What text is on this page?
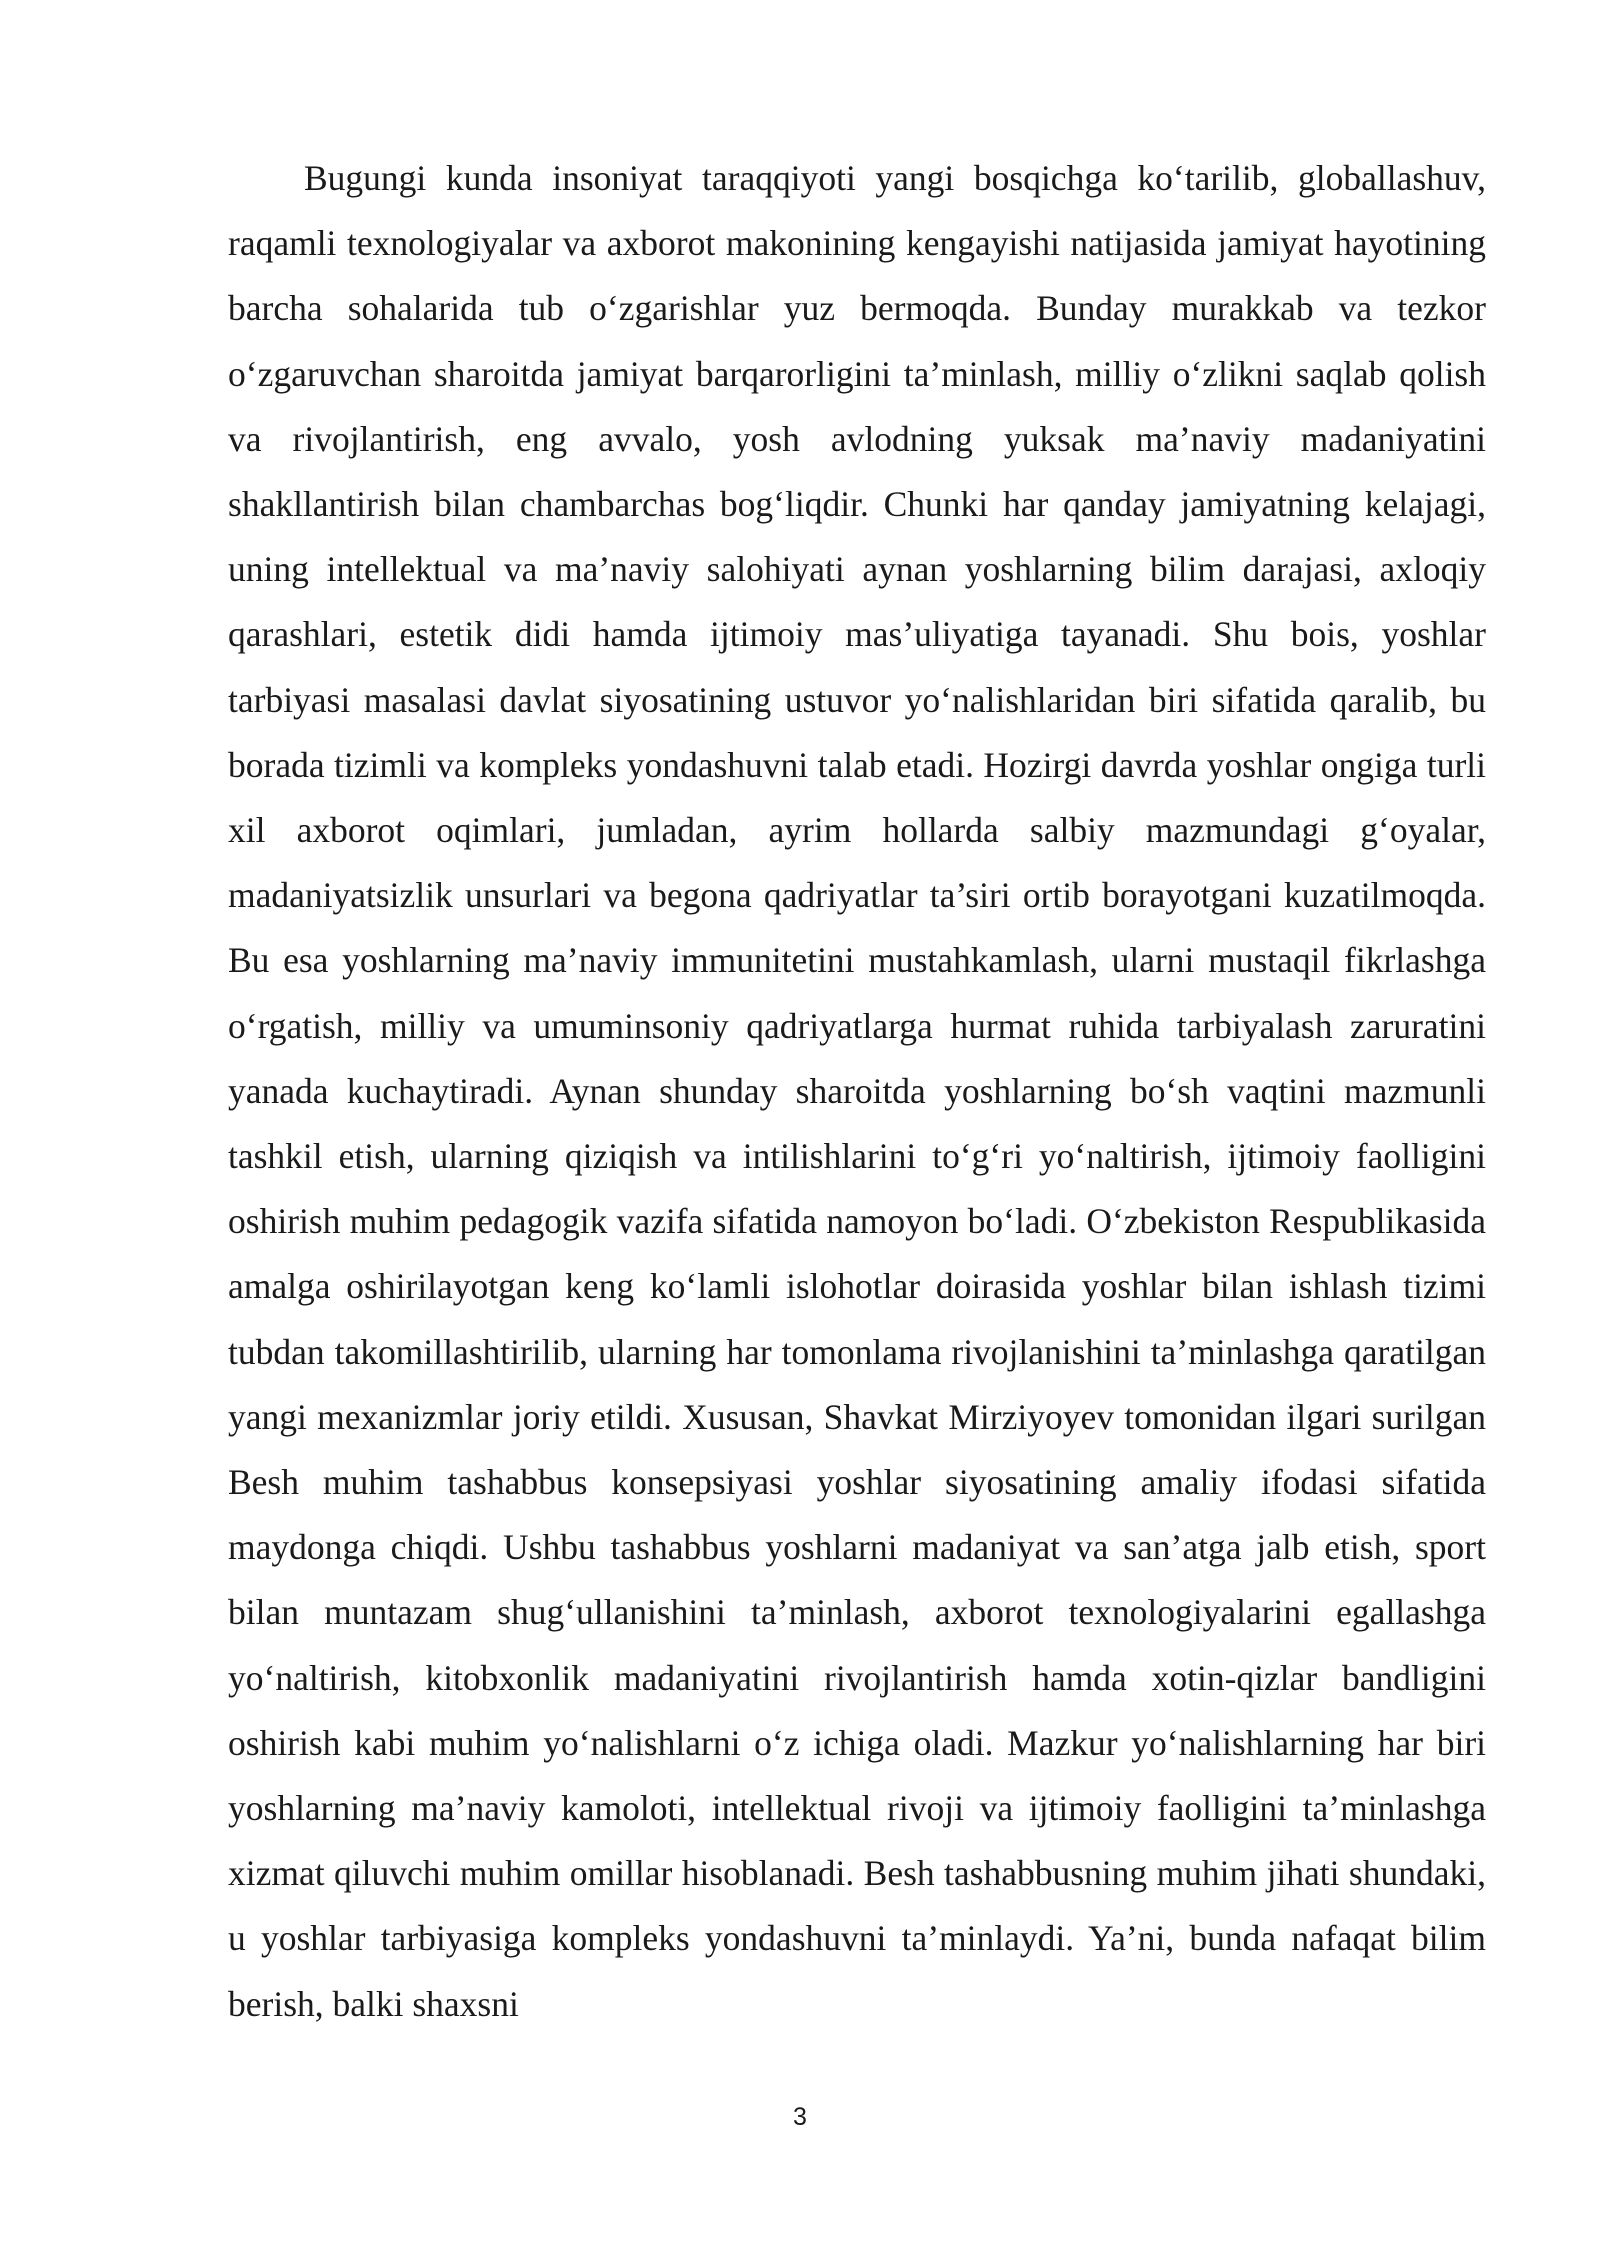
Bugungi kunda insoniyat taraqqiyoti yangi bosqichga ko‘tarilib, globallashuv, raqamli texnologiyalar va axborot makonining kengayishi natijasida jamiyat hayotining barcha sohalarida tub o‘zgarishlar yuz bermoqda. Bunday murakkab va tezkor o‘zgaruvchan sharoitda jamiyat barqarorligini ta’minlash, milliy o‘zlikni saqlab qolish va rivojlantirish, eng avvalo, yosh avlodning yuksak ma’naviy madaniyatini shakllantirish bilan chambarchas bog‘liqdir. Chunki har qanday jamiyatning kelajagi, uning intellektual va ma’naviy salohiyati aynan yoshlarning bilim darajasi, axloqiy qarashlari, estetik didi hamda ijtimoiy mas’uliyatiga tayanadi. Shu bois, yoshlar tarbiyasi masalasi davlat siyosatining ustuvor yo‘nalishlaridan biri sifatida qaralib, bu borada tizimli va kompleks yondashuvni talab etadi. Hozirgi davrda yoshlar ongiga turli xil axborot oqimlari, jumladan, ayrim hollarda salbiy mazmundagi g‘oyalar, madaniyatsizlik unsurlari va begona qadriyatlar ta’siri ortib borayotgani kuzatilmoqda. Bu esa yoshlarning ma’naviy immunitetini mustahkamlash, ularni mustaqil fikrlashga o‘rgatish, milliy va umuminsoniy qadriyatlarga hurmat ruhida tarbiyalash zaruratini yanada kuchaytiradi. Aynan shunday sharoitda yoshlarning bo‘sh vaqtini mazmunli tashkil etish, ularning qiziqish va intilishlarini to‘g‘ri yo‘naltirish, ijtimoiy faolligini oshirish muhim pedagogik vazifa sifatida namoyon bo‘ladi. O‘zbekiston Respublikasida amalga oshirilayotgan keng ko‘lamli islohotlar doirasida yoshlar bilan ishlash tizimi tubdan takomillashtirilib, ularning har tomonlama rivojlanishini ta’minlashga qaratilgan yangi mexanizmlar joriy etildi. Xususan, Shavkat Mirziyoyev tomonidan ilgari surilgan Besh muhim tashabbus konsepsiyasi yoshlar siyosatining amaliy ifodasi sifatida maydonga chiqdi. Ushbu tashabbus yoshlarni madaniyat va san’atga jalb etish, sport bilan muntazam shug‘ullanishini ta’minlash, axborot texnologiyalarini egallashga yo‘naltirish, kitobxonlik madaniyatini rivojlantirish hamda xotin-qizlar bandligini oshirish kabi muhim yo‘nalishlarni o‘z ichiga oladi. Mazkur yo‘nalishlarning har biri yoshlarning ma’naviy kamoloti, intellektual rivoji va ijtimoiy faolligini ta’minlashga xizmat qiluvchi muhim omillar hisoblanadi. Besh tashabbusning muhim jihati shundaki, u yoshlar tarbiyasiga kompleks yondashuvni ta’minlaydi. Ya’ni, bunda nafaqat bilim berish, balki shaxsni

3
